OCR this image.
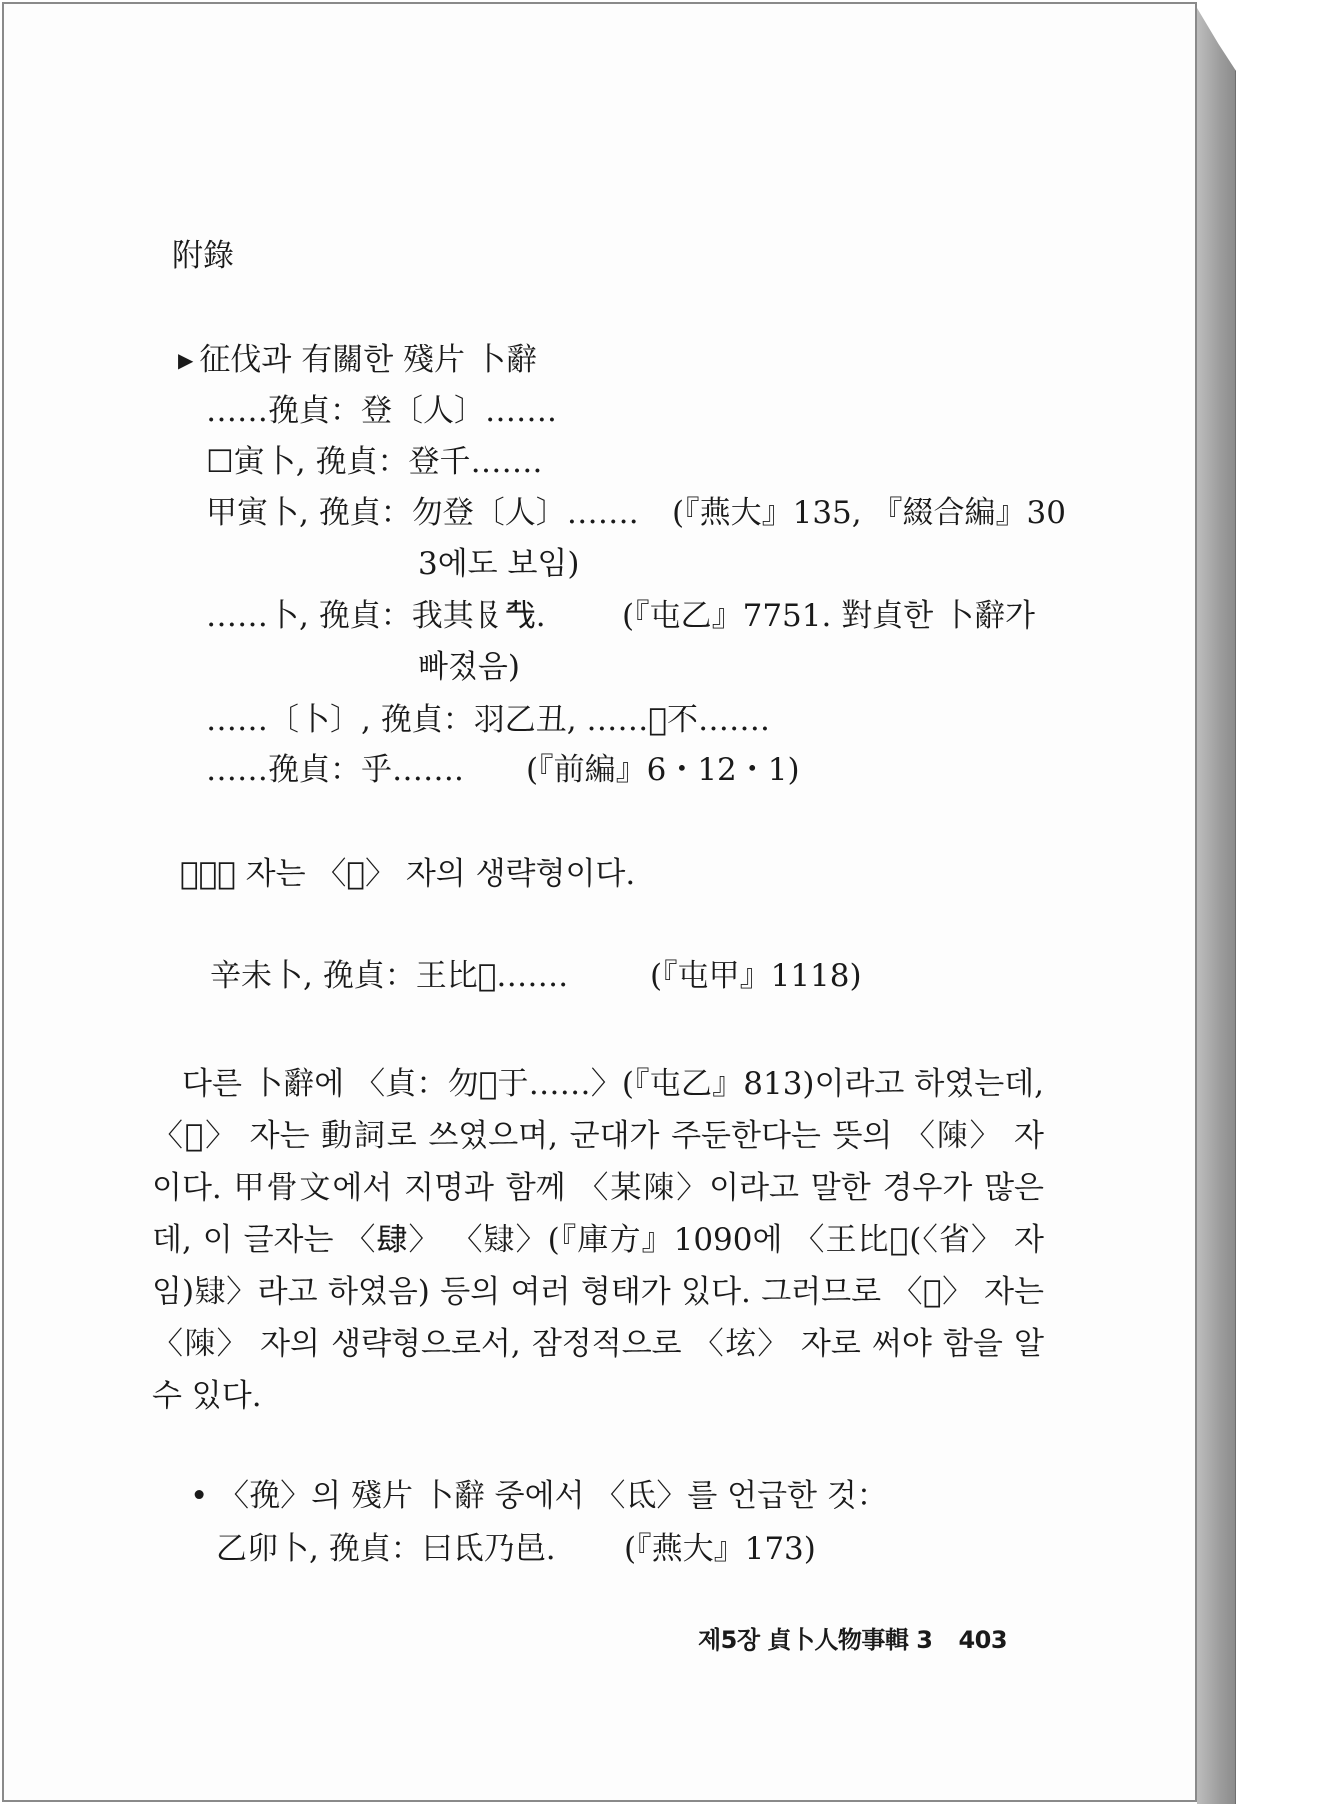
附錄
▶ 征伐과 有關한 殘片 卜辭
……㝃貞：登〔人〕…….
☐寅卜, 㝃貞：登千…….
甲寅卜, 㝃貞：勿登〔人〕……. (『燕大』135, 『綴合編』30
3에도 보임)
……卜, 㝃貞：我其𠬝𢦔. (『屯乙』7751. 對貞한 卜辭가
빠졌음)
……〔卜〕, 㝃貞：羽乙丑, ……𢽙不…….
……㝃貞：乎……. (『前編』6・12・1)
〈𢽙〉 자는 〈𢿱〉 자의 생략형이다.
辛未卜, 㝃貞：王比𢓍…….	(『屯甲』1118)
다른 卜辭에 〈貞：勿𢓍于……〉(『屯乙』813)이라고 하였는데, 〈𢓍〉 자는 動詞로 쓰였으며, 군대가 주둔한다는 뜻의 〈𨻰〉 자이다. 甲骨文에서 지명과 함께 〈某𨻰〉이라고 말한 경우가 많은데, 이 글자는 〈𨽸〉 〈𨽹〉(『庫方』1090에 〈王比𢓍(〈省〉 자임)𨽹〉라고 하였음) 등의 여러 형태가 있다. 그러므로 〈𢓍〉 자는 〈𨻰〉 자의 생략형으로서, 잠정적으로 〈𡊨〉 자로 써야 함을 알 수 있다.
• 〈㝃〉의 殘片 卜辭 중에서 〈氐〉를 언급한 것：
乙卯卜, 㝃貞：曰氐乃邑. (『燕大』173)
제5장 貞卜人物事輯 3 403
